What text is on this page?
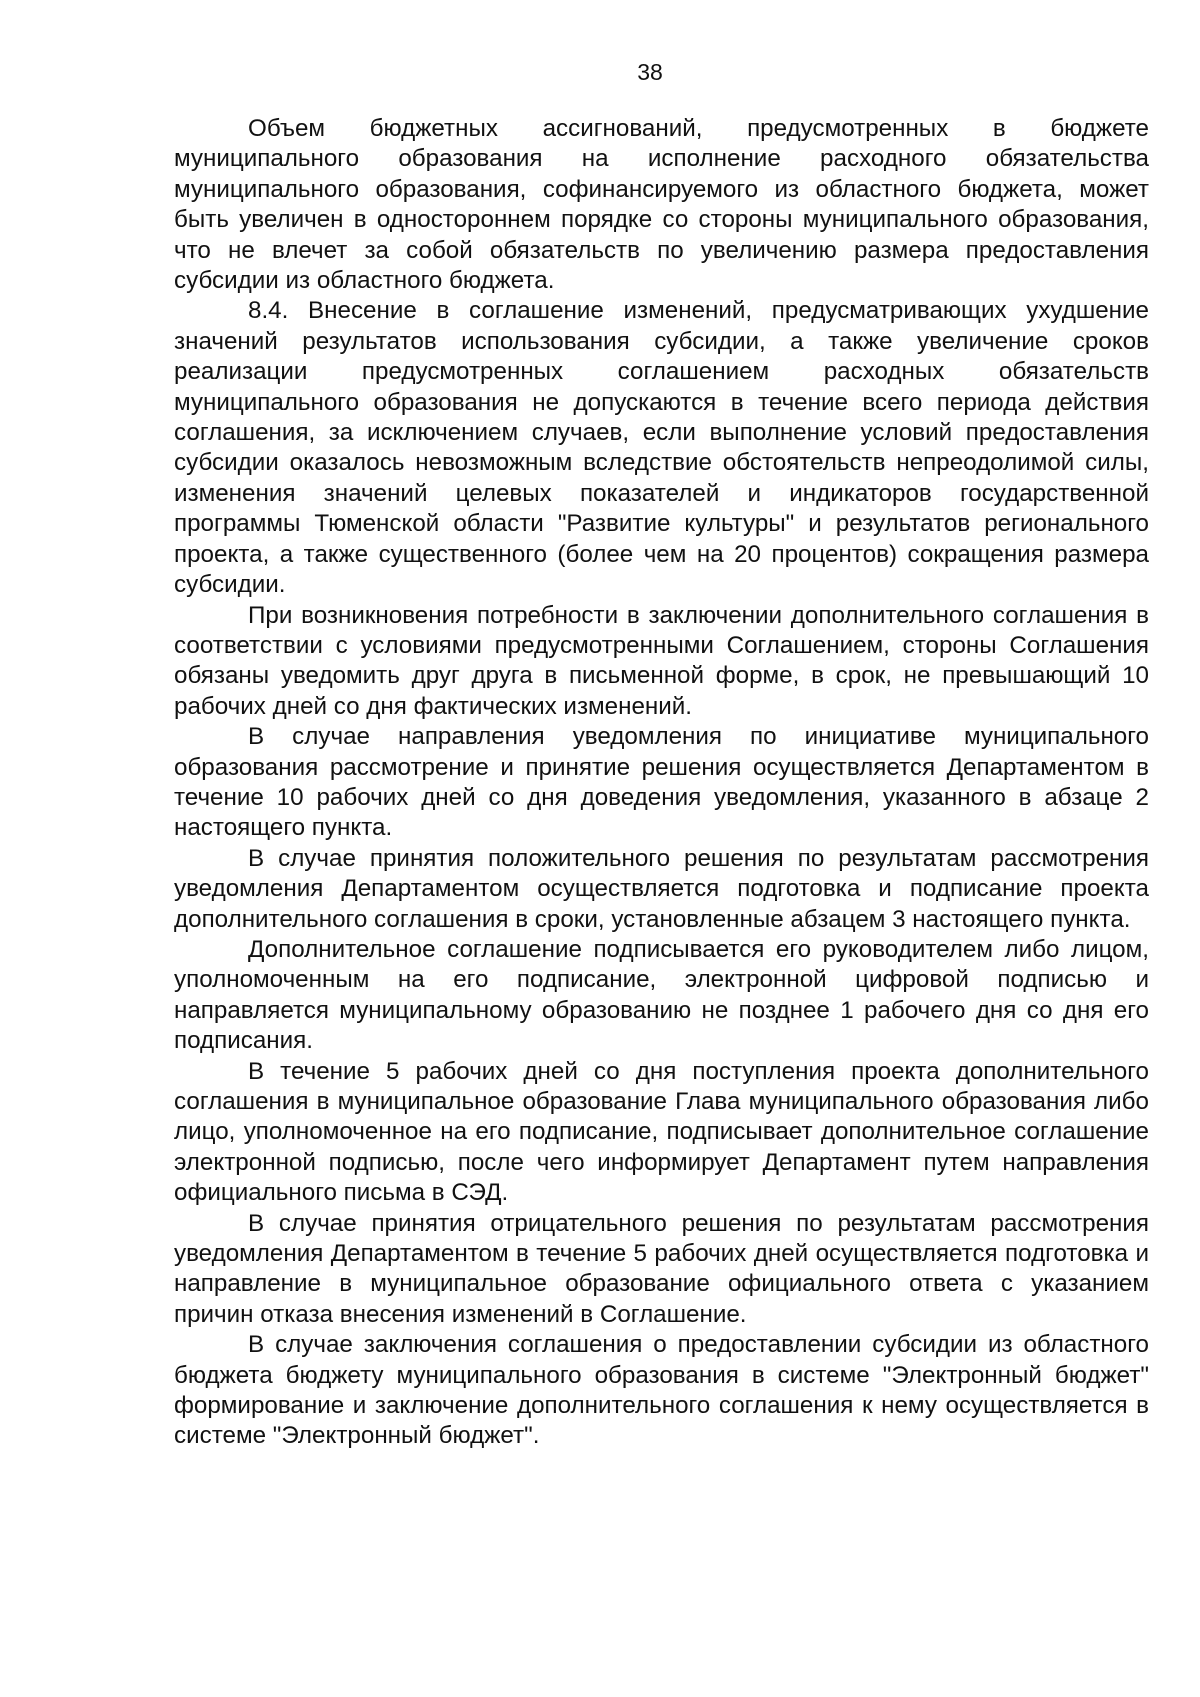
38

Объем бюджетных ассигнований, предусмотренных в бюджете муниципального образования на исполнение расходного обязательства муниципального образования, софинансируемого из областного бюджета, может быть увеличен в одностороннем порядке со стороны муниципального образования, что не влечет за собой обязательств по увеличению размера предоставления субсидии из областного бюджета.

8.4. Внесение в соглашение изменений, предусматривающих ухудшение значений результатов использования субсидии, а также увеличение сроков реализации предусмотренных соглашением расходных обязательств муниципального образования не допускаются в течение всего периода действия соглашения, за исключением случаев, если выполнение условий предоставления субсидии оказалось невозможным вследствие обстоятельств непреодолимой силы, изменения значений целевых показателей и индикаторов государственной программы Тюменской области "Развитие культуры" и результатов регионального проекта, а также существенного (более чем на 20 процентов) сокращения размера субсидии.

При возникновения потребности в заключении дополнительного соглашения в соответствии с условиями предусмотренными Соглашением, стороны Соглашения обязаны уведомить друг друга в письменной форме, в срок, не превышающий 10 рабочих дней со дня фактических изменений.

В случае направления уведомления по инициативе муниципального образования рассмотрение и принятие решения осуществляется Департаментом в течение 10 рабочих дней со дня доведения уведомления, указанного в абзаце 2 настоящего пункта.

В случае принятия положительного решения по результатам рассмотрения уведомления Департаментом осуществляется подготовка и подписание проекта дополнительного соглашения в сроки, установленные абзацем 3 настоящего пункта.

Дополнительное соглашение подписывается его руководителем либо лицом, уполномоченным на его подписание, электронной цифровой подписью и направляется муниципальному образованию не позднее 1 рабочего дня со дня его подписания.

В течение 5 рабочих дней со дня поступления проекта дополнительного соглашения в муниципальное образование Глава муниципального образования либо лицо, уполномоченное на его подписание, подписывает дополнительное соглашение электронной подписью, после чего информирует Департамент путем направления официального письма в СЭД.

В случае принятия отрицательного решения по результатам рассмотрения уведомления Департаментом в течение 5 рабочих дней осуществляется подготовка и направление в муниципальное образование официального ответа с указанием причин отказа внесения изменений в Соглашение.

В случае заключения соглашения о предоставлении субсидии из областного бюджета бюджету муниципального образования в системе "Электронный бюджет" формирование и заключение дополнительного соглашения к нему осуществляется в системе "Электронный бюджет".
